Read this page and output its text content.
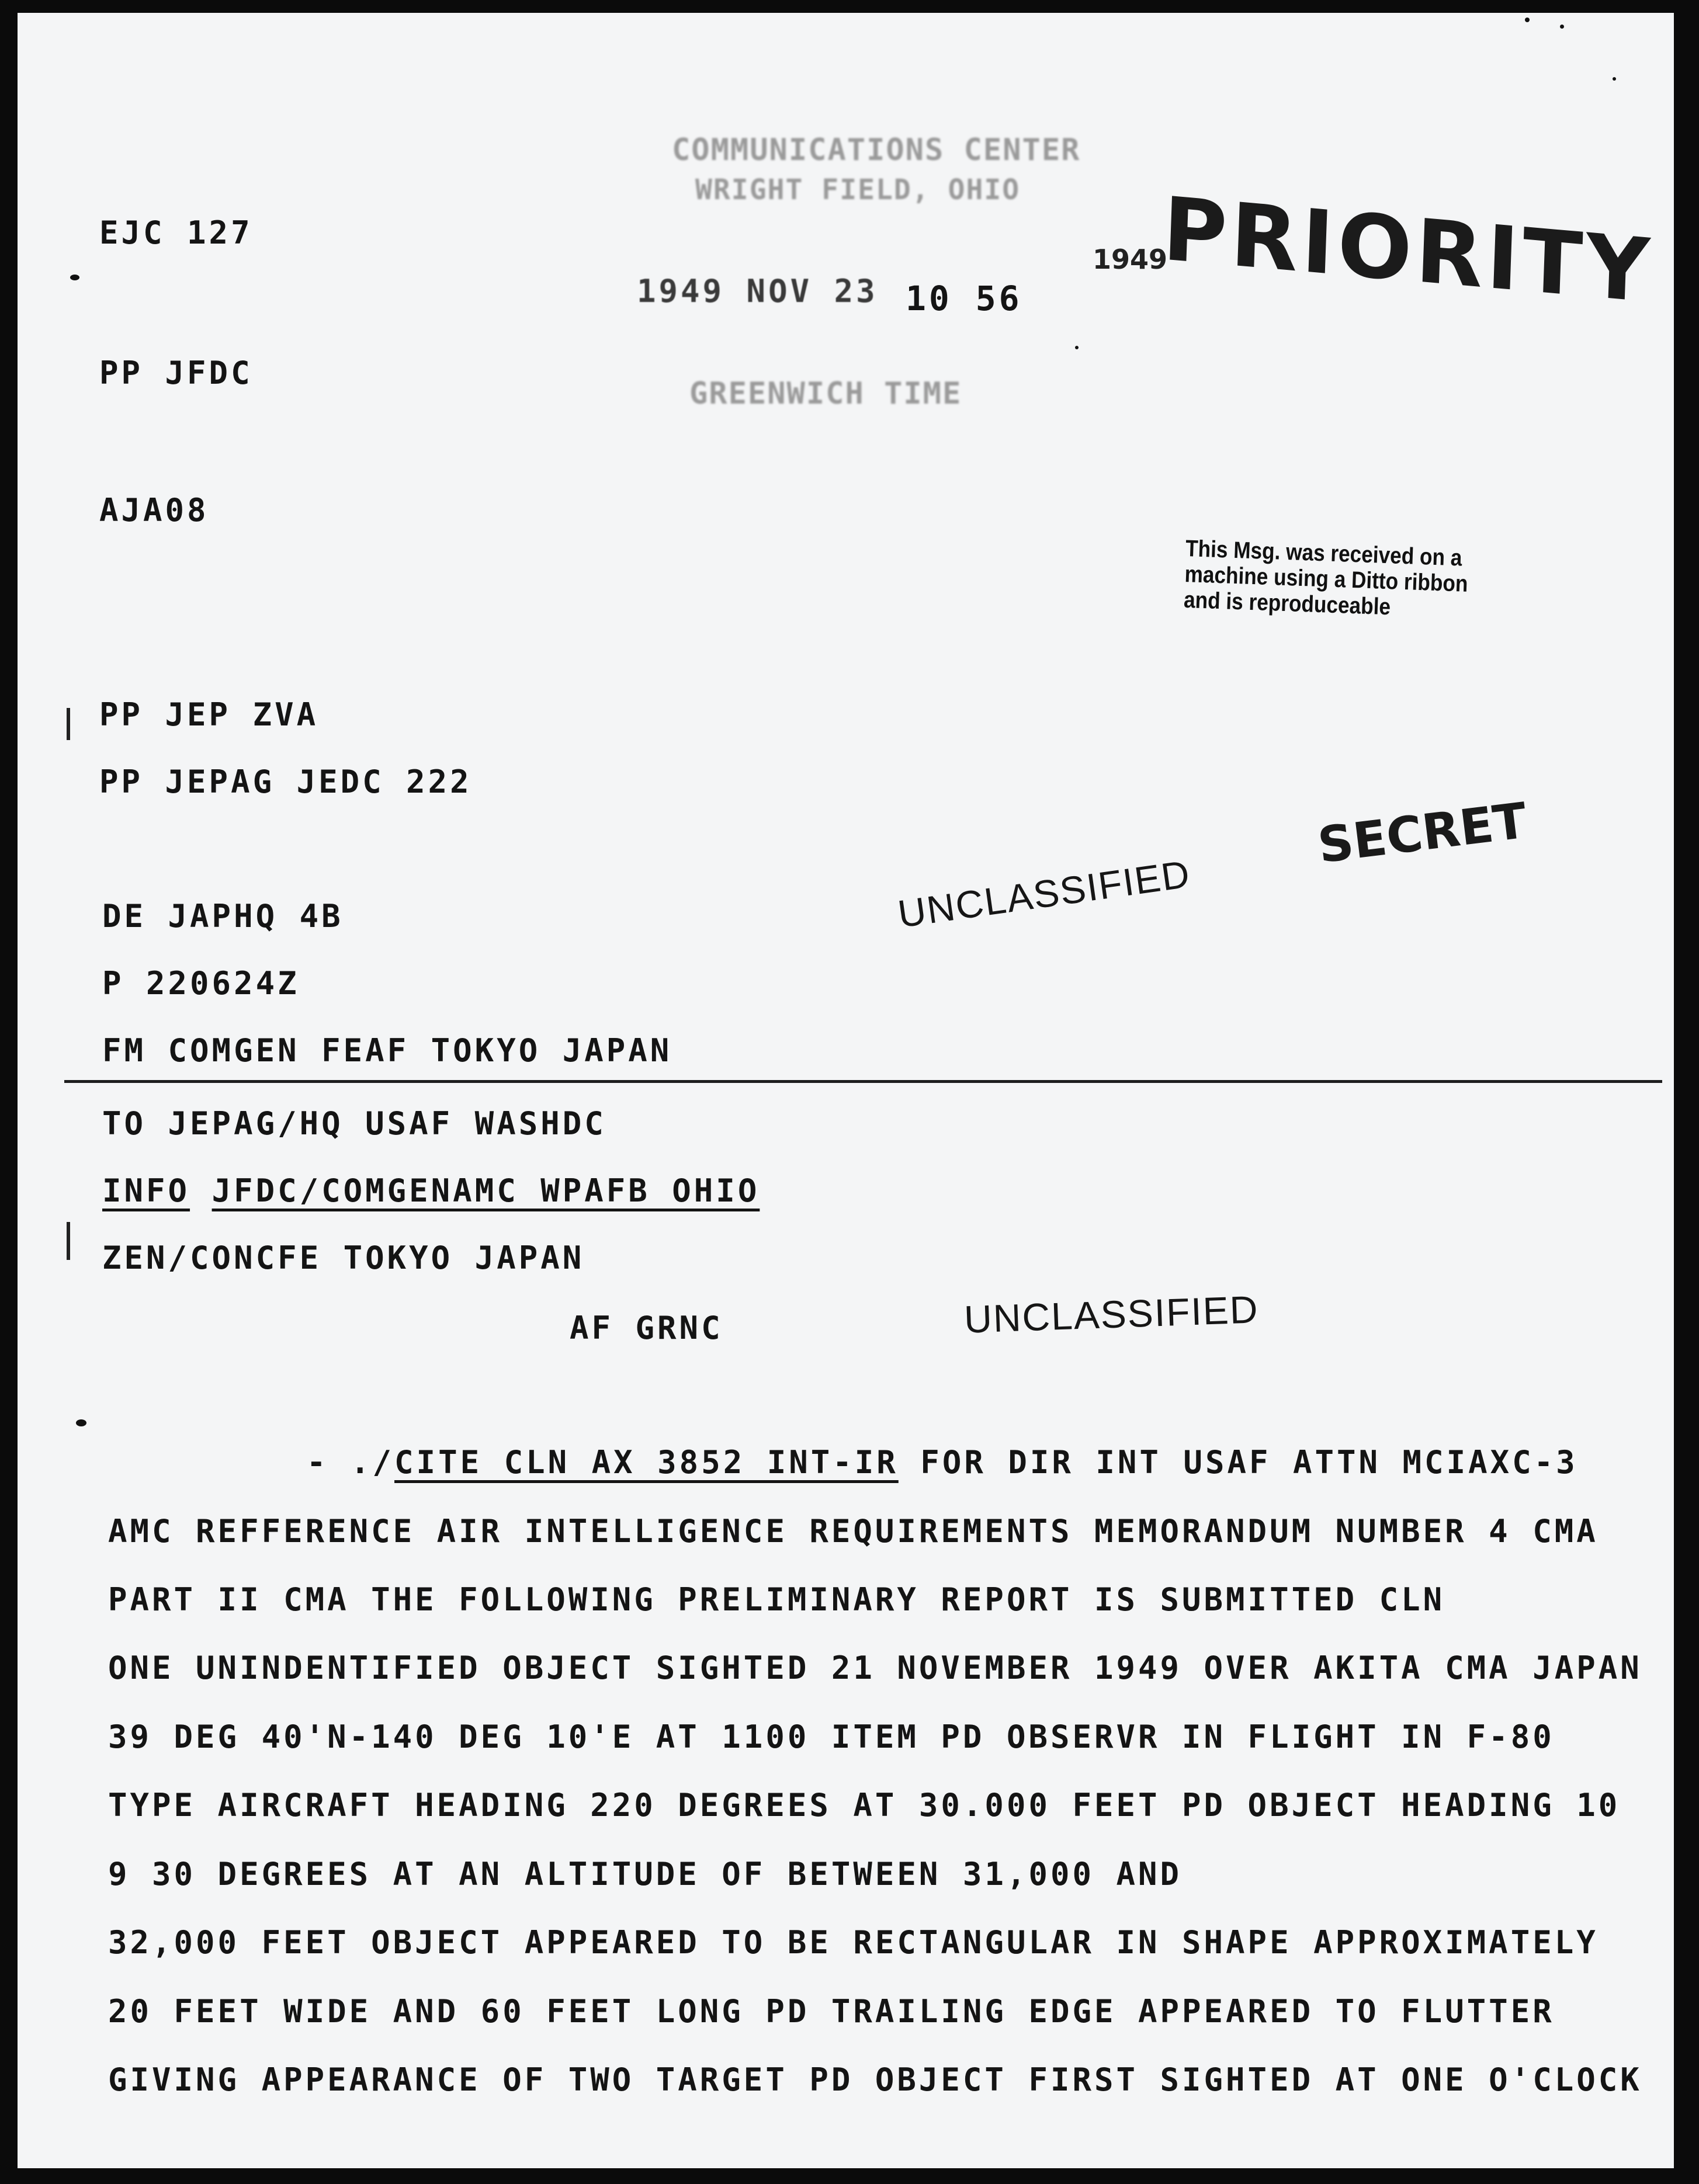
COMMUNICATIONS CENTER
WRIGHT FIELD, OHIO
1949 NOV 23 10 56
GREENWICH TIME
1949
PRIORITY
This Msg. was received on a
machine using a Ditto ribbon
and is reproduceable
EJC 127
PP JFDC
AJA08
PP JEP ZVA
PP JEPAG JEDC 222
SECRET
UNCLASSIFIED
DE JAPHQ 4B
P 220624Z
FM COMGEN FEAF TOKYO JAPAN
TO JEPAG/HQ USAF WASHDC
INFO JFDC/COMGENAMC WPAFB OHIO
ZEN/CONCFE TOKYO JAPAN
AF GRNC	UNCLASSIFIED
- ./CITE CLN AX 3852 INT-IR FOR DIR INT USAF ATTN MCIAXC-3
AMC REFFERENCE AIR INTELLIGENCE REQUIREMENTS MEMORANDUM NUMBER 4 CMA
PART II CMA THE FOLLOWING PRELIMINARY REPORT IS SUBMITTED CLN
ONE UNINDENTIFIED OBJECT SIGHTED 21 NOVEMBER 1949 OVER AKITA CMA JAPAN
39 DEG 40'N-140 DEG 10'E AT 1100 ITEM PD OBSERVR IN FLIGHT IN F-80
TYPE AIRCRAFT HEADING 220 DEGREES AT 30.000 FEET PD OBJECT HEADING 10
9 30 DEGREES AT AN ALTITUDE OF BETWEEN 31,000 AND
32,000 FEET OBJECT APPEARED TO BE RECTANGULAR IN SHAPE APPROXIMATELY
20 FEET WIDE AND 60 FEET LONG PD TRAILING EDGE APPEARED TO FLUTTER
GIVING APPEARANCE OF TWO TARGET PD OBJECT FIRST SIGHTED AT ONE O'CLOCK
